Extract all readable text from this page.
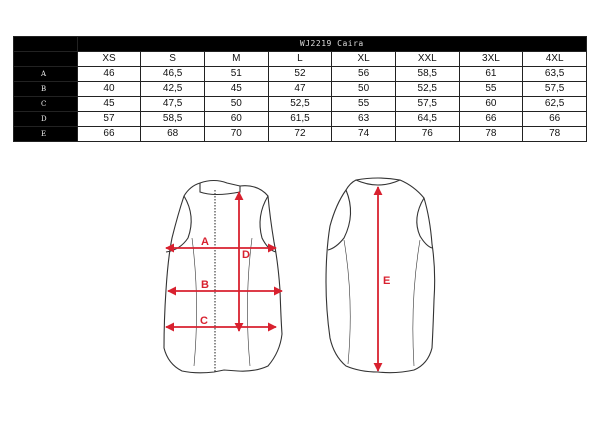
	WJ2219 Caira							
	XS	S	M	L	XL	XXL	3XL	4XL
A	46	46,5	51	52	56	58,5	61	63,5
B	40	42,5	45	47	50	52,5	55	57,5
C	45	47,5	50	52,5	55	57,5	60	62,5
D	57	58,5	60	61,5	63	64,5	66	66
E	66	68	70	72	74	76	78	78
A
B
C
D
E
